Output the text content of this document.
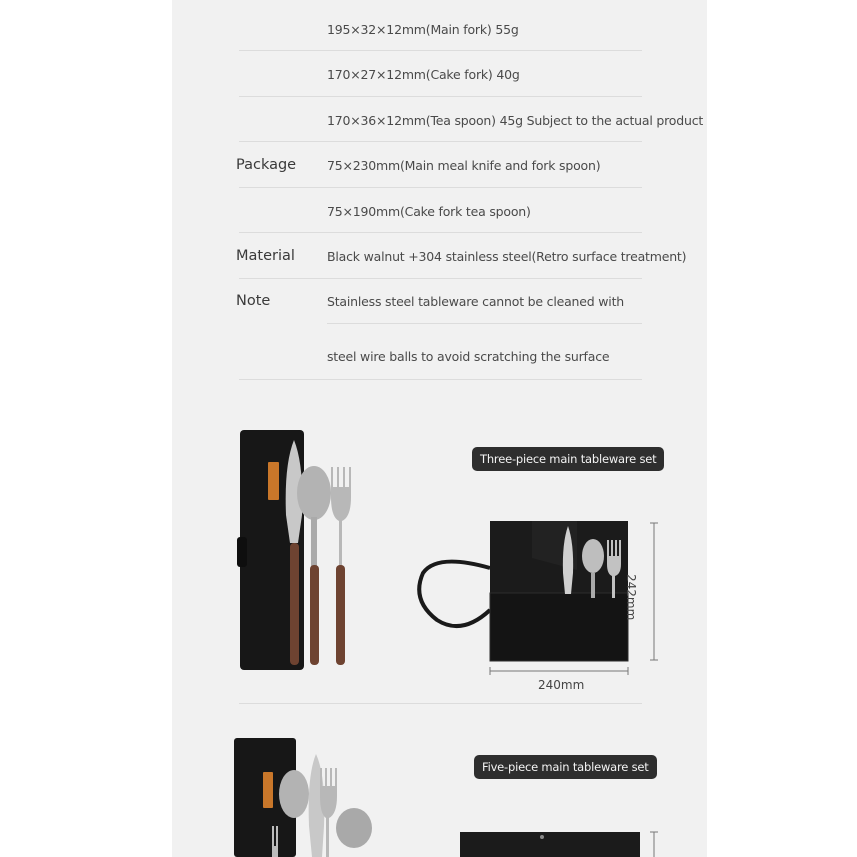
195×32×12mm(Main fork) 55g
170×27×12mm(Cake fork) 40g
170×36×12mm(Tea spoon) 45g Subject to the actual product
Package 75×230mm(Main meal knife and fork spoon)
75×190mm(Cake fork tea spoon)
Material	Black walnut +304 stainless steel(Retro surface treatment)
Note	Stainless steel tableware cannot be cleaned with
steel wire balls to avoid scratching the surface
Three-piece main tableware set
242mm
240mm
Five-piece main tableware set
